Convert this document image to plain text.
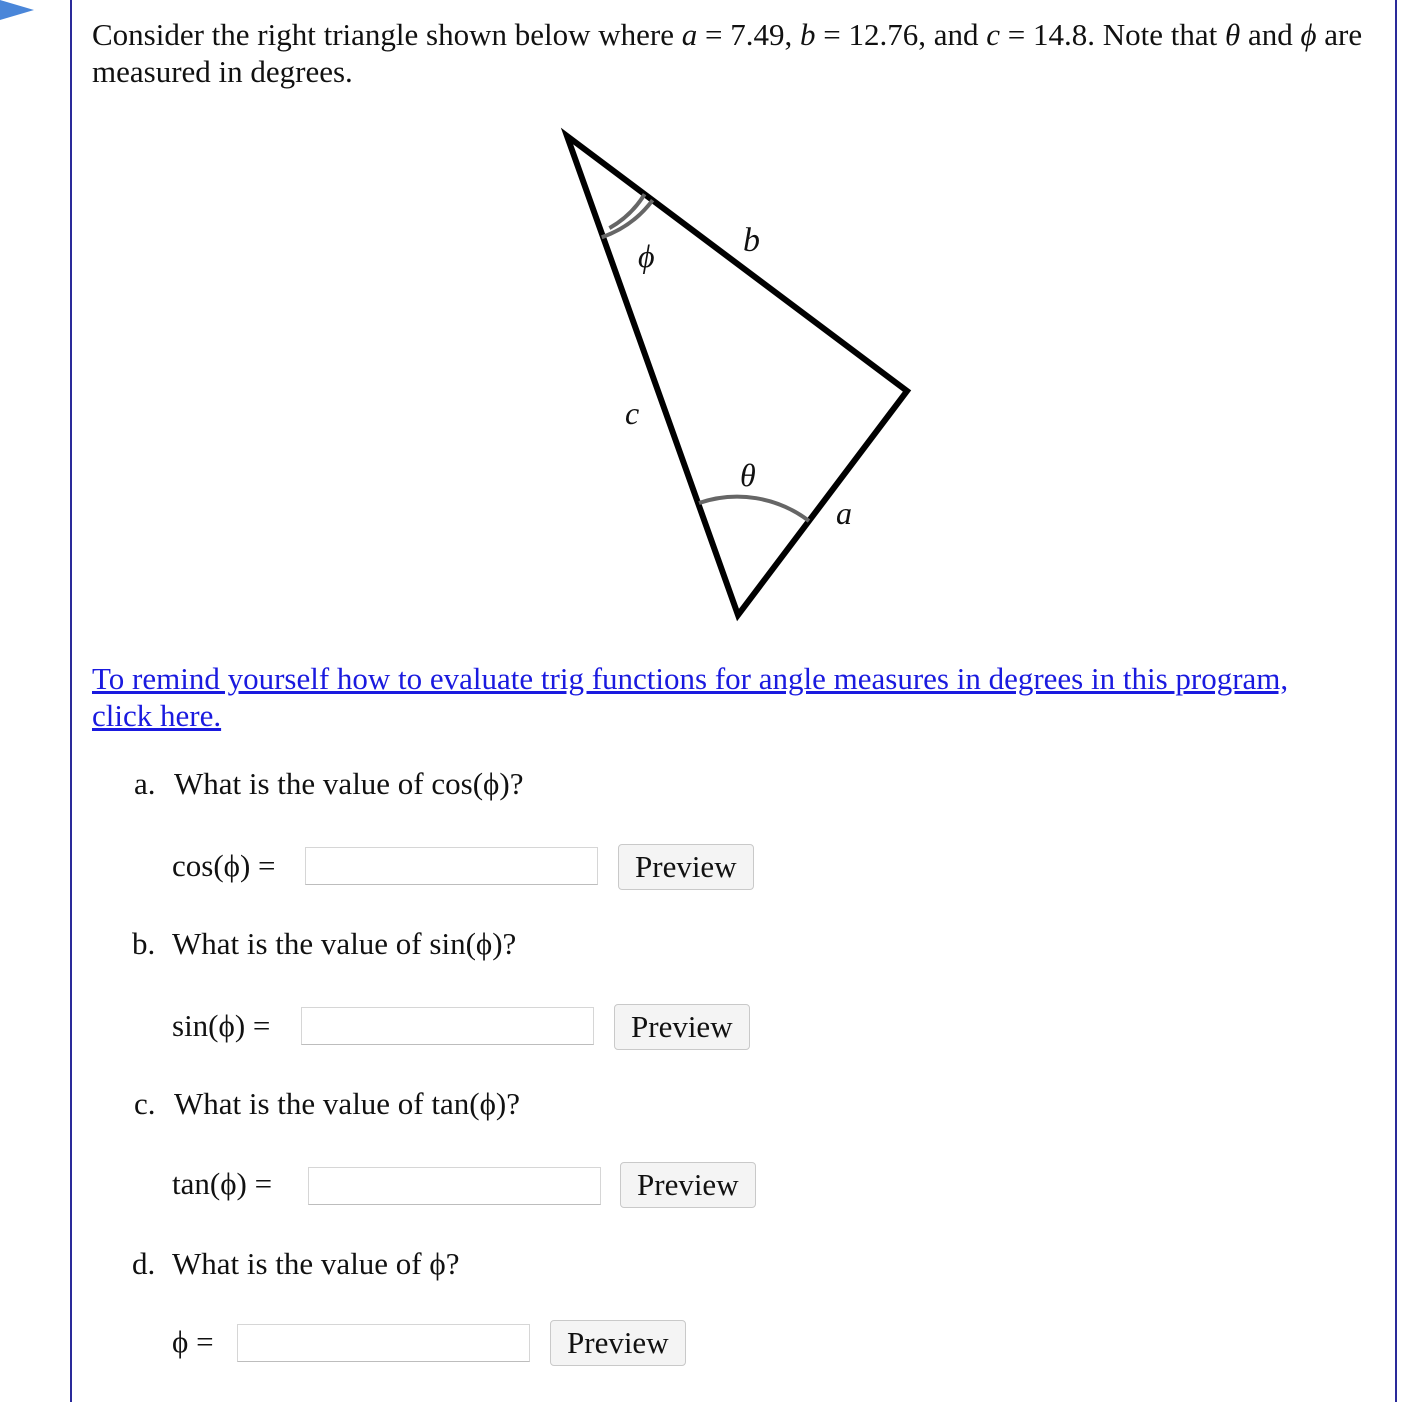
Consider the right triangle shown below where a = 7.49, b = 12.76, and c = 14.8. Note that θ and ϕ are measured in degrees.
ϕ	b
c
θ
a
To remind yourself how to evaluate trig functions for angle measures in degrees in this program, click here.
a. What is the value of cos(ϕ)?
cos(ϕ) =	Preview
b. What is the value of sin(ϕ)?
sin(ϕ) =	Preview
c. What is the value of tan(ϕ)?
tan(ϕ) =	Preview
d. What is the value of ϕ?
ϕ =	Preview
